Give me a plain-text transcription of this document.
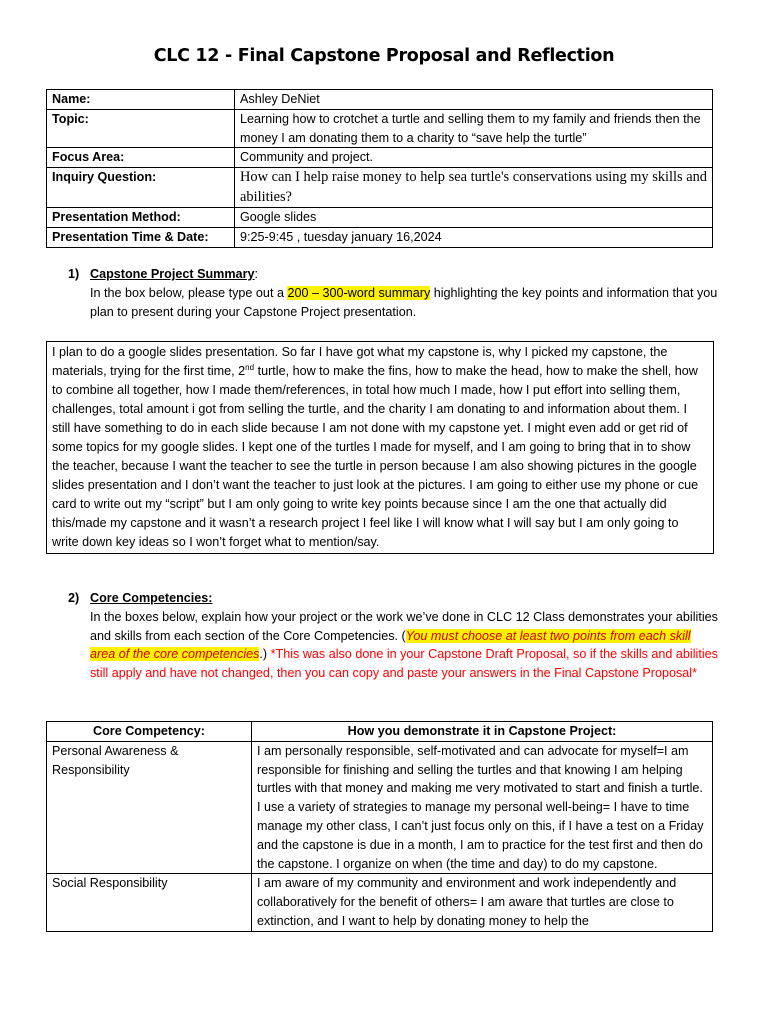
CLC 12 - Final Capstone Proposal and Reflection
Name:	Ashley DeNiet
Topic:	Learning how to crotchet a turtle and selling them to my family and friends then the money I am donating them to a charity to “save help the turtle”
Focus Area:	Community and project.
Inquiry Question:	How can I help raise money to help sea turtle's conservations using my skills and abilities?
Presentation Method:	Google slides
Presentation Time & Date:	9:25-9:45 , tuesday january 16,2024
1) Capstone Project Summary:
In the box below, please type out a 200 – 300-word summary highlighting the key points and information that you plan to present during your Capstone Project presentation.
I plan to do a google slides presentation. So far I have got what my capstone is, why I picked my capstone, the materials, trying for the first time, 2nd turtle, how to make the fins, how to make the head, how to make the shell, how to combine all together, how I made them/references, in total how much I made, how I put effort into selling them, challenges, total amount i got from selling the turtle, and the charity I am donating to and information about them. I still have something to do in each slide because I am not done with my capstone yet. I might even add or get rid of some topics for my google slides. I kept one of the turtles I made for myself, and I am going to bring that in to show the teacher, because I want the teacher to see the turtle in person because I am also showing pictures in the google slides presentation and I don’t want the teacher to just look at the pictures. I am going to either use my phone or cue card to write out my “script” but I am only going to write key points because since I am the one that actually did this/made my capstone and it wasn’t a research project I feel like I will know what I will say but I am only going to write down key ideas so I won’t forget what to mention/say.
2) Core Competencies:
In the boxes below, explain how your project or the work we’ve done in CLC 12 Class demonstrates your abilities and skills from each section of the Core Competencies. (You must choose at least two points from each skill area of the core competencies.) *This was also done in your Capstone Draft Proposal, so if the skills and abilities still apply and have not changed, then you can copy and paste your answers in the Final Capstone Proposal*
Core Competency:	How you demonstrate it in Capstone Project:
Personal Awareness & Responsibility	I am personally responsible, self-motivated and can advocate for myself=I am responsible for finishing and selling the turtles and that knowing I am helping turtles with that money and making me very motivated to start and finish a turtle.
I use a variety of strategies to manage my personal well-being= I have to time manage my other class, I can’t just focus only on this, if I have a test on a Friday and the capstone is due in a month, I am to practice for the test first and then do the capstone. I organize on when (the time and day) to do my capstone.

Social Responsibility	I am aware of my community and environment and work independently and collaboratively for the benefit of others= I am aware that turtles are close to extinction, and I want to help by donating money to help the
